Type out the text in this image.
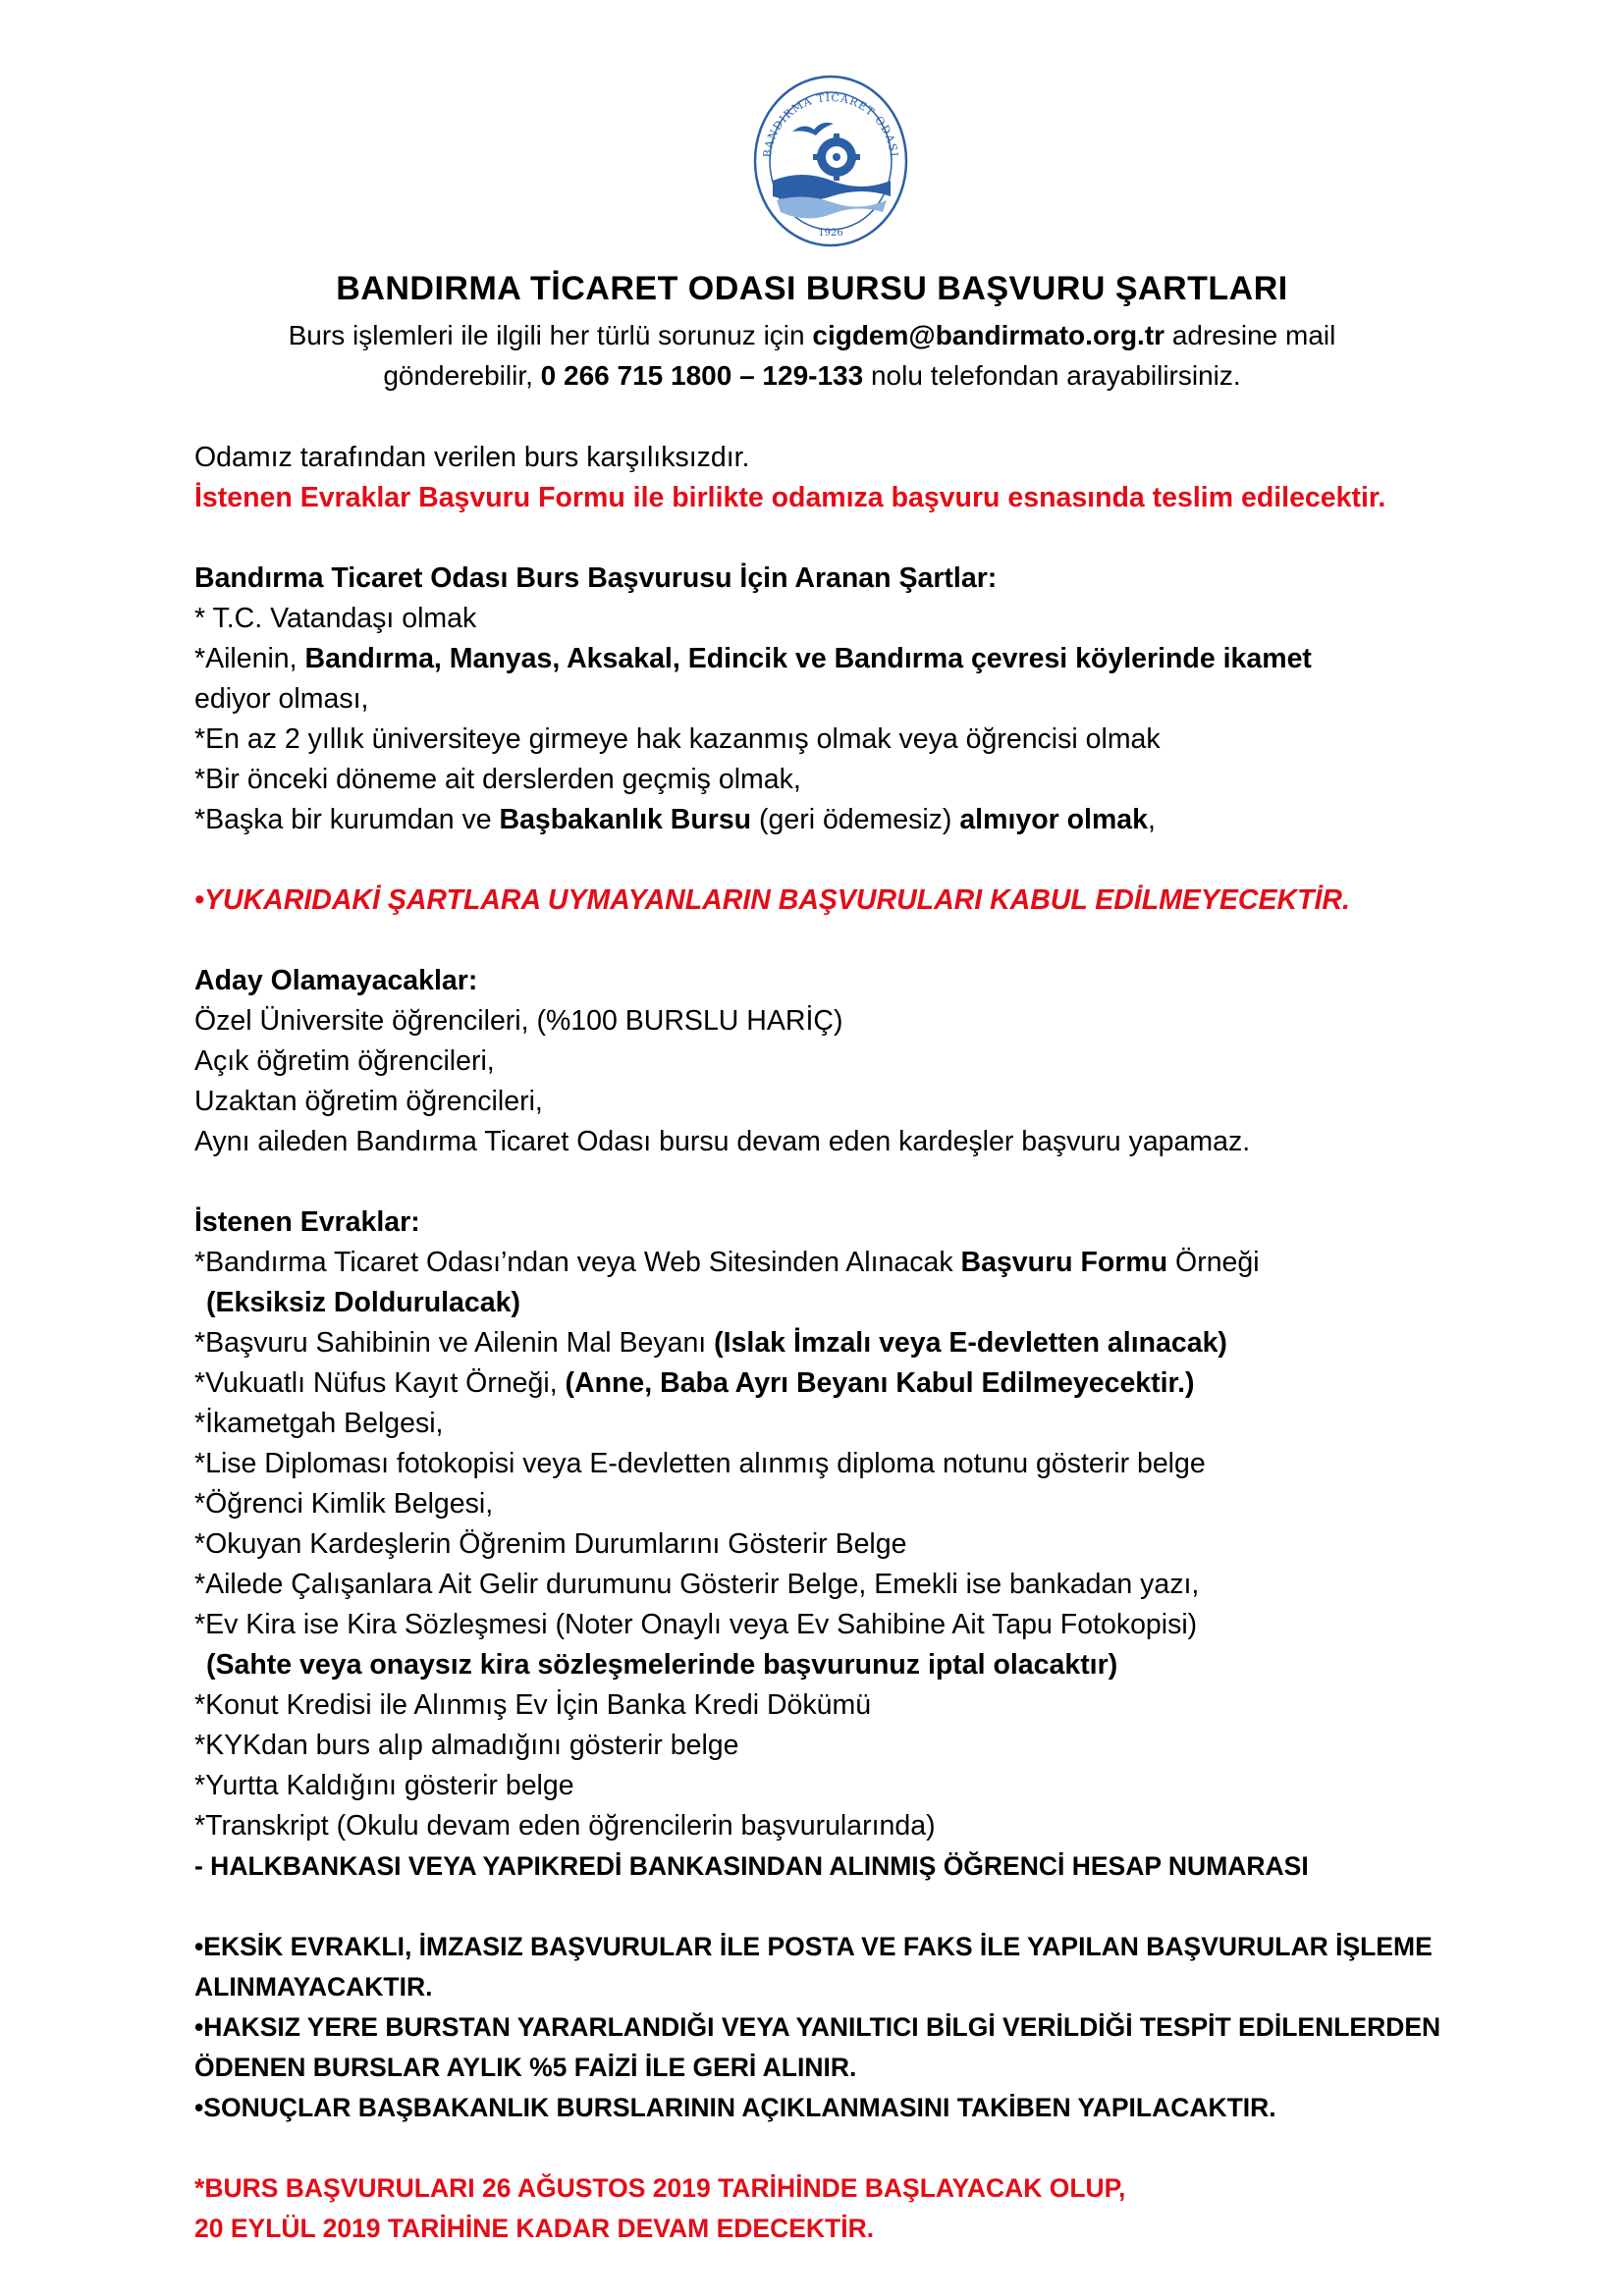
BANDIRMA TİCARET ODASI
1926
BANDIRMA TİCARET ODASI BURSU BAŞVURU ŞARTLARI
Burs işlemleri ile ilgili her türlü sorunuz için cigdem@bandirmato.org.tr adresine mail
gönderebilir, 0 266 715 1800 – 129-133 nolu telefondan arayabilirsiniz.
Odamız tarafından verilen burs karşılıksızdır.
İstenen Evraklar Başvuru Formu ile birlikte odamıza başvuru esnasında teslim edilecektir.
Bandırma Ticaret Odası Burs Başvurusu İçin Aranan Şartlar:
* T.C. Vatandaşı olmak
*Ailenin, Bandırma, Manyas, Aksakal, Edincik ve Bandırma çevresi köylerinde ikamet
ediyor olması,
*En az 2 yıllık üniversiteye girmeye hak kazanmış olmak veya öğrencisi olmak
*Bir önceki döneme ait derslerden geçmiş olmak,
*Başka bir kurumdan ve Başbakanlık Bursu (geri ödemesiz) almıyor olmak,
•YUKARIDAKİ ŞARTLARA UYMAYANLARIN BAŞVURULARI KABUL EDİLMEYECEKTİR.
Aday Olamayacaklar:
Özel Üniversite öğrencileri, (%100 BURSLU HARİÇ)
Açık öğretim öğrencileri,
Uzaktan öğretim öğrencileri,
Aynı aileden Bandırma Ticaret Odası bursu devam eden kardeşler başvuru yapamaz.
İstenen Evraklar:
*Bandırma Ticaret Odası’ndan veya Web Sitesinden Alınacak Başvuru Formu Örneği
(Eksiksiz Doldurulacak)
*Başvuru Sahibinin ve Ailenin Mal Beyanı (Islak İmzalı veya E-devletten alınacak)
*Vukuatlı Nüfus Kayıt Örneği, (Anne, Baba Ayrı Beyanı Kabul Edilmeyecektir.)
*İkametgah Belgesi,
*Lise Diploması fotokopisi veya E-devletten alınmış diploma notunu gösterir belge
*Öğrenci Kimlik Belgesi,
*Okuyan Kardeşlerin Öğrenim Durumlarını Gösterir Belge
*Ailede Çalışanlara Ait Gelir durumunu Gösterir Belge, Emekli ise bankadan yazı,
*Ev Kira ise Kira Sözleşmesi (Noter Onaylı veya Ev Sahibine Ait Tapu Fotokopisi)
(Sahte veya onaysız kira sözleşmelerinde başvurunuz iptal olacaktır)
*Konut Kredisi ile Alınmış Ev İçin Banka Kredi Dökümü
*KYKdan burs alıp almadığını gösterir belge
*Yurtta Kaldığını gösterir belge
*Transkript (Okulu devam eden öğrencilerin başvurularında)
- HALKBANKASI VEYA YAPIKREDİ BANKASINDAN ALINMIŞ ÖĞRENCİ HESAP NUMARASI
•EKSİK EVRAKLI, İMZASIZ BAŞVURULAR İLE POSTA VE FAKS İLE YAPILAN BAŞVURULAR İŞLEME
ALINMAYACAKTIR.
•HAKSIZ YERE BURSTAN YARARLANDIĞI VEYA YANILTICI BİLGİ VERİLDİĞİ TESPİT EDİLENLERDEN
ÖDENEN BURSLAR AYLIK %5 FAİZİ İLE GERİ ALINIR.
•SONUÇLAR BAŞBAKANLIK BURSLARININ AÇIKLANMASINI TAKİBEN YAPILACAKTIR.
*BURS BAŞVURULARI 26 AĞUSTOS 2019 TARİHİNDE BAŞLAYACAK OLUP,
20 EYLÜL 2019 TARİHİNE KADAR DEVAM EDECEKTİR.
